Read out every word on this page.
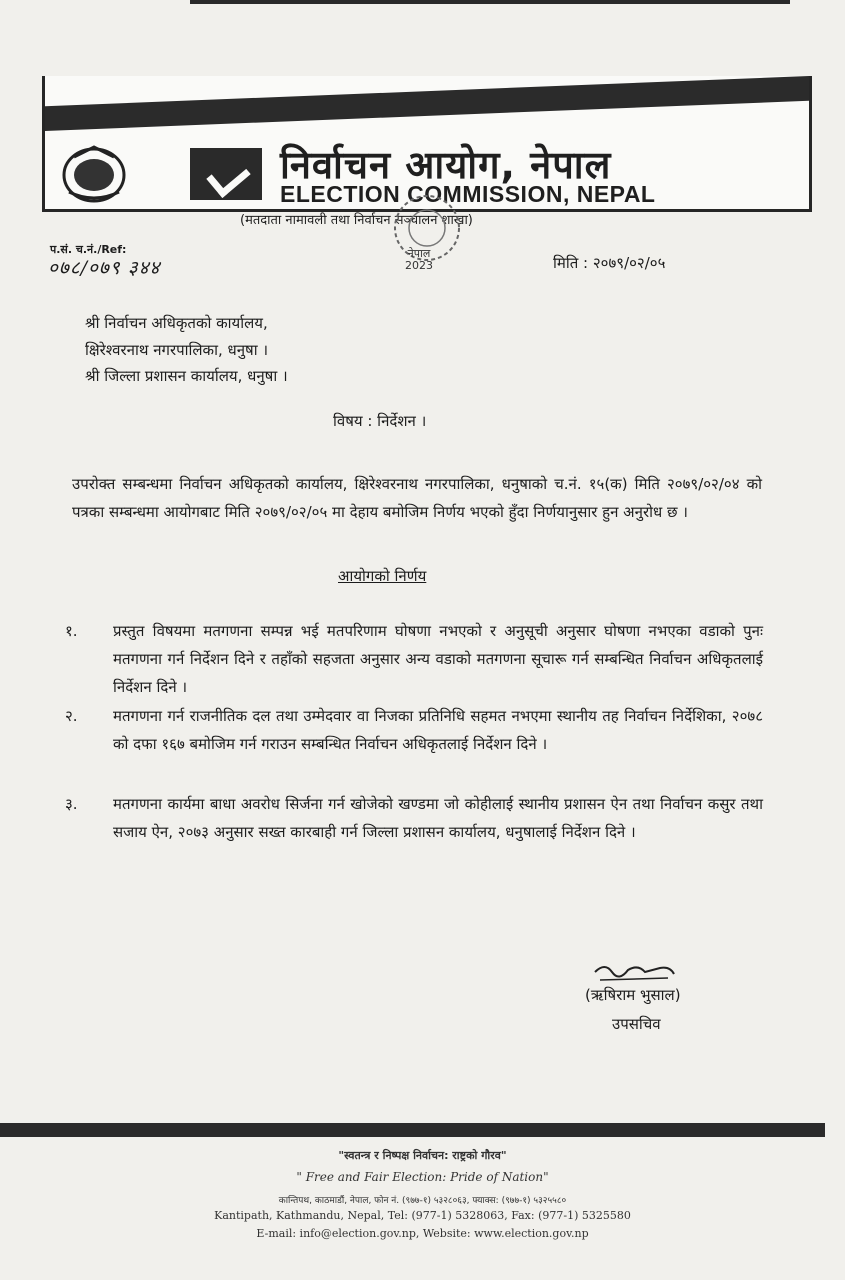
निर्वाचन आयोग, नेपाल
ELECTION COMMISSION, NEPAL
(मतदाता नामावली तथा निर्वाचन सञ्चालन शाखा)
नेपाल
2023
प.सं. च.नं./Ref:
०७८/०७९ ३४४	मिति : २०७९/०२/०५
श्री निर्वाचन अधिकृतको कार्यालय,
क्षिरेश्वरनाथ नगरपालिका, धनुषा ।
श्री जिल्ला प्रशासन कार्यालय, धनुषा ।
विषय : निर्देशन ।
उपरोक्त सम्बन्धमा निर्वाचन अधिकृतको कार्यालय, क्षिरेश्वरनाथ नगरपालिका, धनुषाको च.नं. १५(क) मिति २०७९/०२/०४ को पत्रका सम्बन्धमा आयोगबाट मिति २०७९/०२/०५ मा देहाय बमोजिम निर्णय भएको हुँदा निर्णयानुसार हुन अनुरोध छ ।
आयोगको निर्णय
१.	प्रस्तुत विषयमा मतगणना सम्पन्न भई मतपरिणाम घोषणा नभएको र अनुसूची अनुसार घोषणा नभएका वडाको पुनः मतगणना गर्न निर्देशन दिने र तहाँको सहजता अनुसार अन्य वडाको मतगणना सूचारू गर्न सम्बन्धित निर्वाचन अधिकृतलाई निर्देशन दिने ।
२.	मतगणना गर्न राजनीतिक दल तथा उम्मेदवार वा निजका प्रतिनिधि सहमत नभएमा स्थानीय तह निर्वाचन निर्देशिका, २०७८ को दफा १६७ बमोजिम गर्न गराउन सम्बन्धित निर्वाचन अधिकृतलाई निर्देशन दिने ।
३.	मतगणना कार्यमा बाधा अवरोध सिर्जना गर्न खोजेको खण्डमा जो कोहीलाई स्थानीय प्रशासन ऐन तथा निर्वाचन कसुर तथा सजाय ऐन, २०७३ अनुसार सख्त कारबाही गर्न जिल्ला प्रशासन कार्यालय, धनुषालाई निर्देशन दिने ।
(ऋषिराम भुसाल)
उपसचिव
"स्वतन्त्र र निष्पक्ष निर्वाचन: राष्ट्रको गौरव"
" Free and Fair Election: Pride of Nation"
कान्तिपथ, काठमाडौं, नेपाल, फोन नं. (९७७-१) ५३२८०६३, फ्याक्स: (९७७-१) ५३२५५८०
Kantipath, Kathmandu, Nepal, Tel: (977-1) 5328063, Fax: (977-1) 5325580
E-mail: info@election.gov.np, Website: www.election.gov.np
